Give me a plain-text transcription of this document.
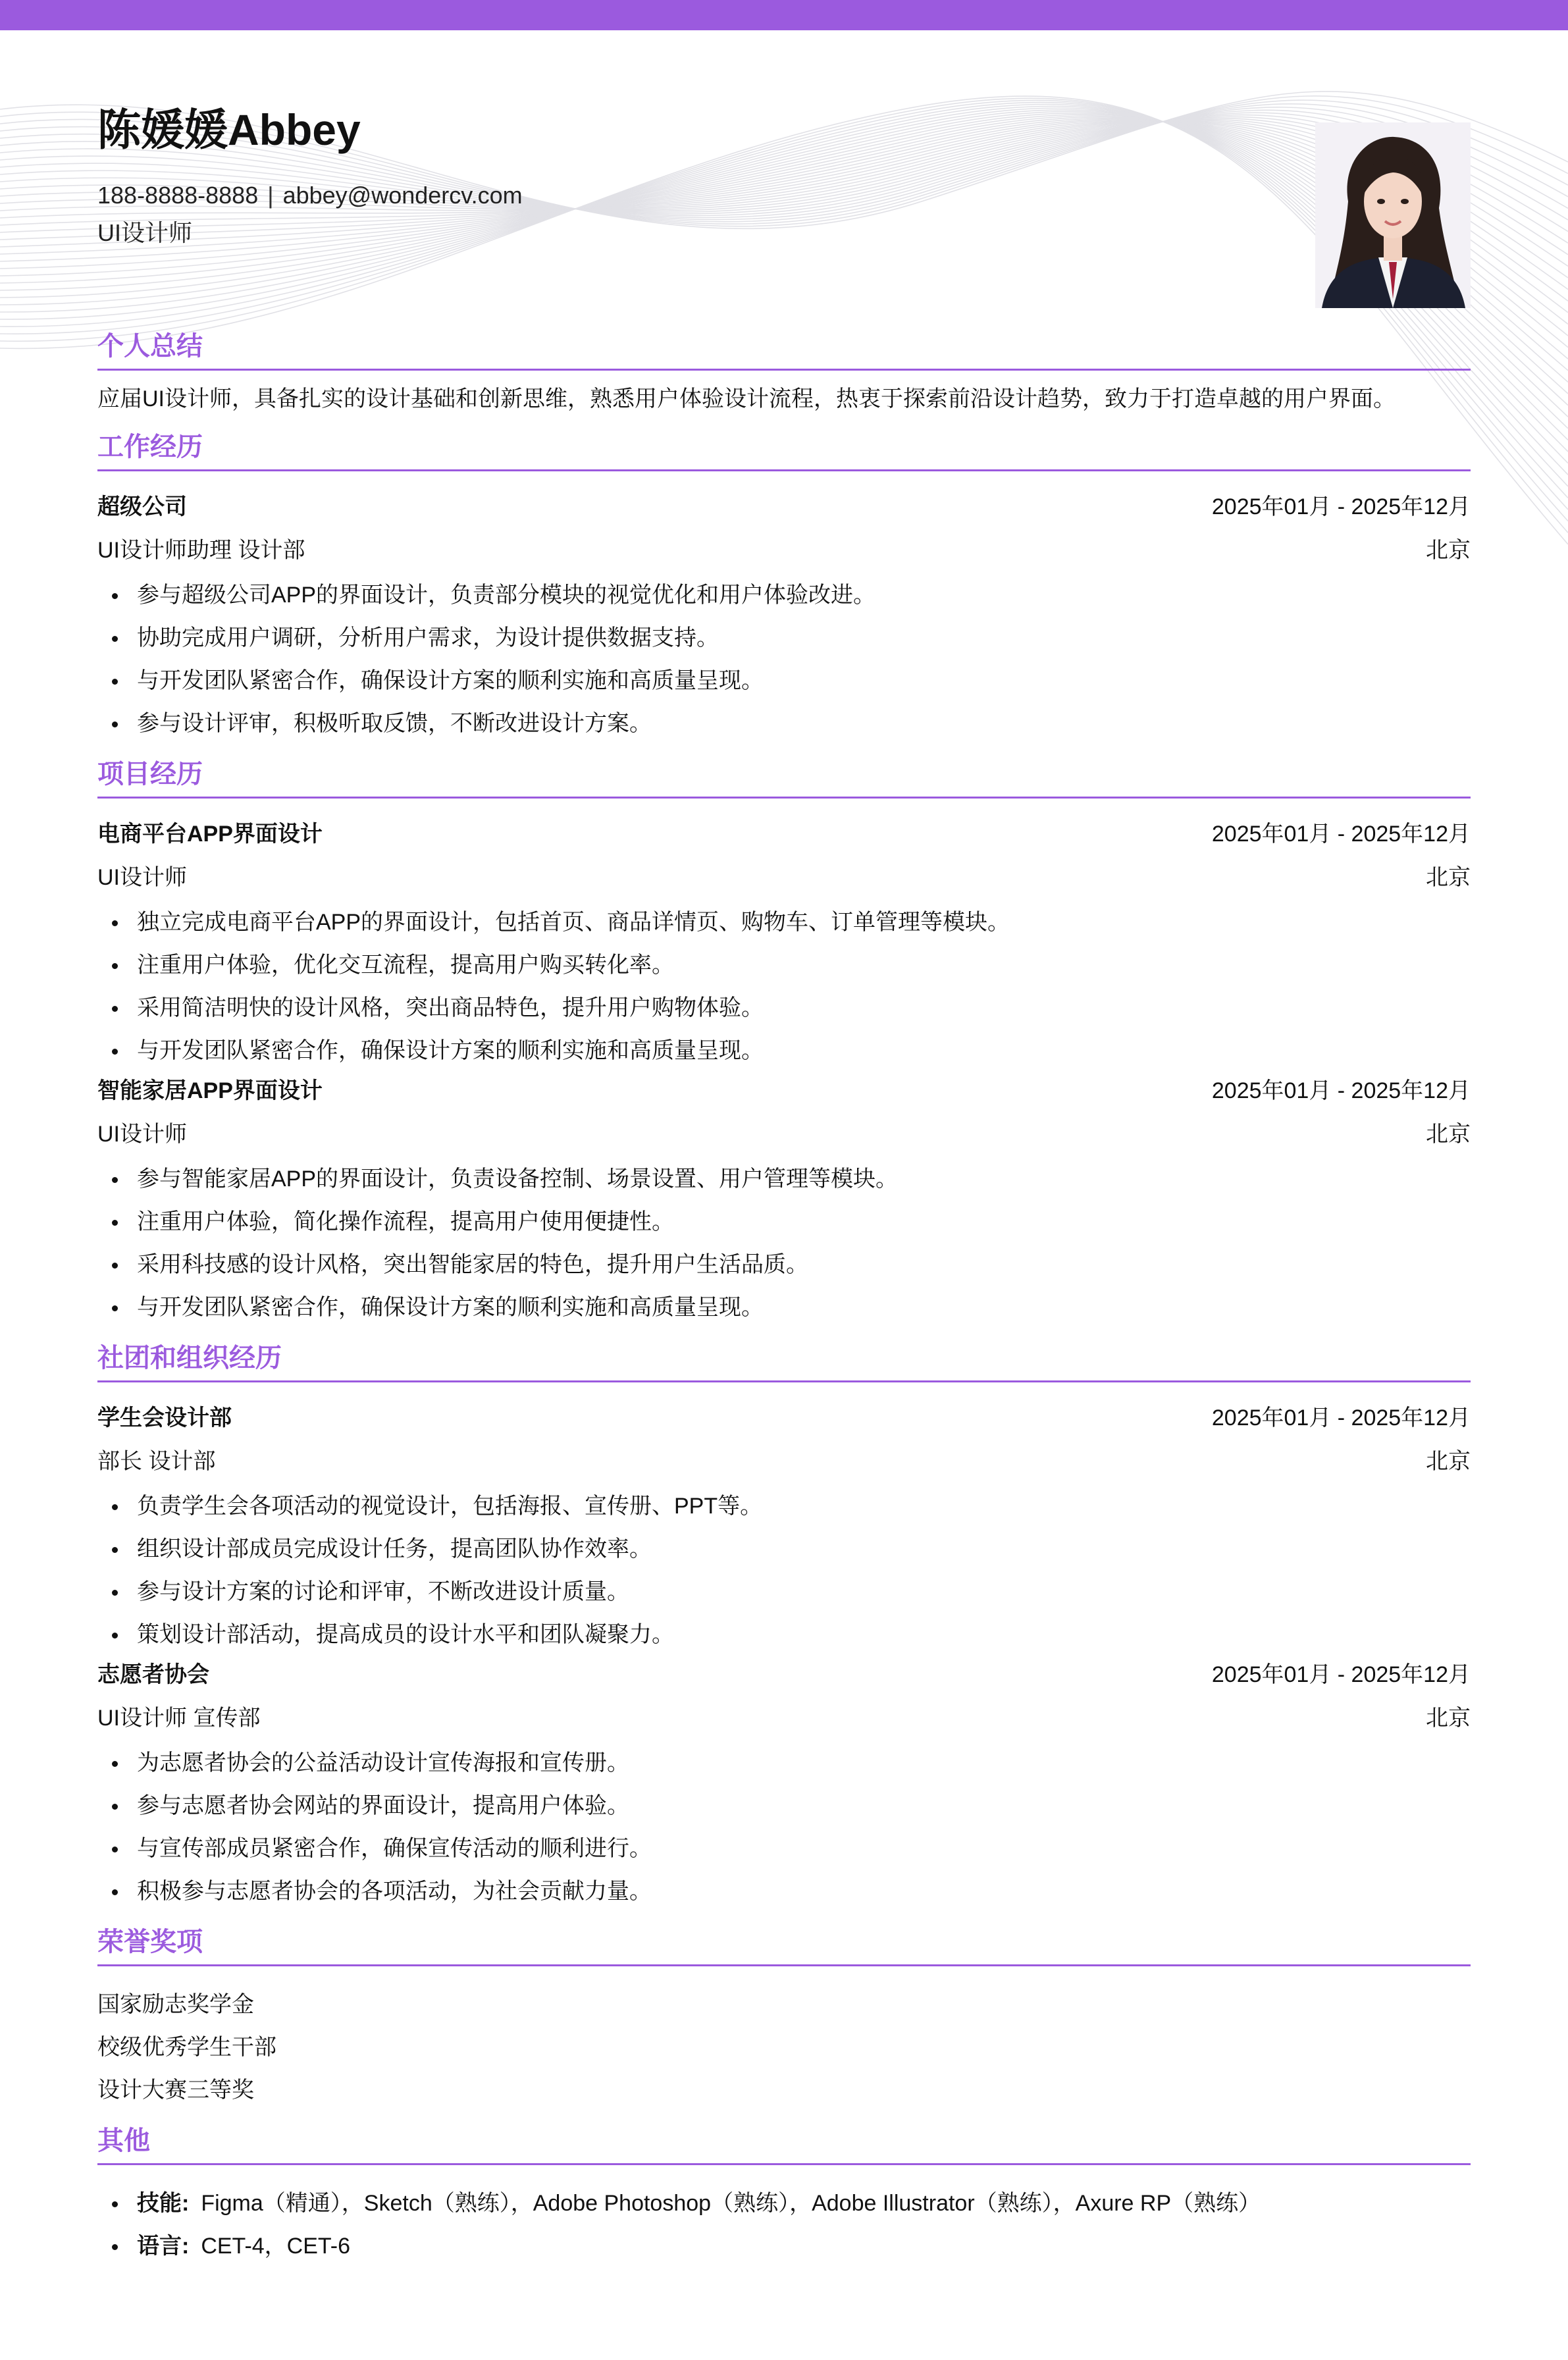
陈媛媛Abbey
188-8888-8888 | abbey@wondercv.com
UI设计师
个人总结
应届UI设计师，具备扎实的设计基础和创新思维，熟悉用户体验设计流程，热衷于探索前沿设计趋势，致力于打造卓越的用户界面。
工作经历
超级公司	2025年01月 - 2025年12月
UI设计师助理 设计部	北京
参与超级公司APP的界面设计，负责部分模块的视觉优化和用户体验改进。
协助完成用户调研，分析用户需求，为设计提供数据支持。
与开发团队紧密合作，确保设计方案的顺利实施和高质量呈现。
参与设计评审，积极听取反馈，不断改进设计方案。
项目经历
电商平台APP界面设计	2025年01月 - 2025年12月
UI设计师	北京
独立完成电商平台APP的界面设计，包括首页、商品详情页、购物车、订单管理等模块。
注重用户体验，优化交互流程，提高用户购买转化率。
采用简洁明快的设计风格，突出商品特色，提升用户购物体验。
与开发团队紧密合作，确保设计方案的顺利实施和高质量呈现。
智能家居APP界面设计	2025年01月 - 2025年12月
UI设计师	北京
参与智能家居APP的界面设计，负责设备控制、场景设置、用户管理等模块。
注重用户体验，简化操作流程，提高用户使用便捷性。
采用科技感的设计风格，突出智能家居的特色，提升用户生活品质。
与开发团队紧密合作，确保设计方案的顺利实施和高质量呈现。
社团和组织经历
学生会设计部	2025年01月 - 2025年12月
部长 设计部	北京
负责学生会各项活动的视觉设计，包括海报、宣传册、PPT等。
组织设计部成员完成设计任务，提高团队协作效率。
参与设计方案的讨论和评审，不断改进设计质量。
策划设计部活动，提高成员的设计水平和团队凝聚力。
志愿者协会	2025年01月 - 2025年12月
UI设计师 宣传部	北京
为志愿者协会的公益活动设计宣传海报和宣传册。
参与志愿者协会网站的界面设计，提高用户体验。
与宣传部成员紧密合作，确保宣传活动的顺利进行。
积极参与志愿者协会的各项活动，为社会贡献力量。
荣誉奖项
国家励志奖学金
校级优秀学生干部
设计大赛三等奖
其他
技能: Figma（精通），Sketch（熟练），Adobe Photoshop（熟练），Adobe Illustrator（熟练），Axure RP（熟练）
语言: CET-4，CET-6
